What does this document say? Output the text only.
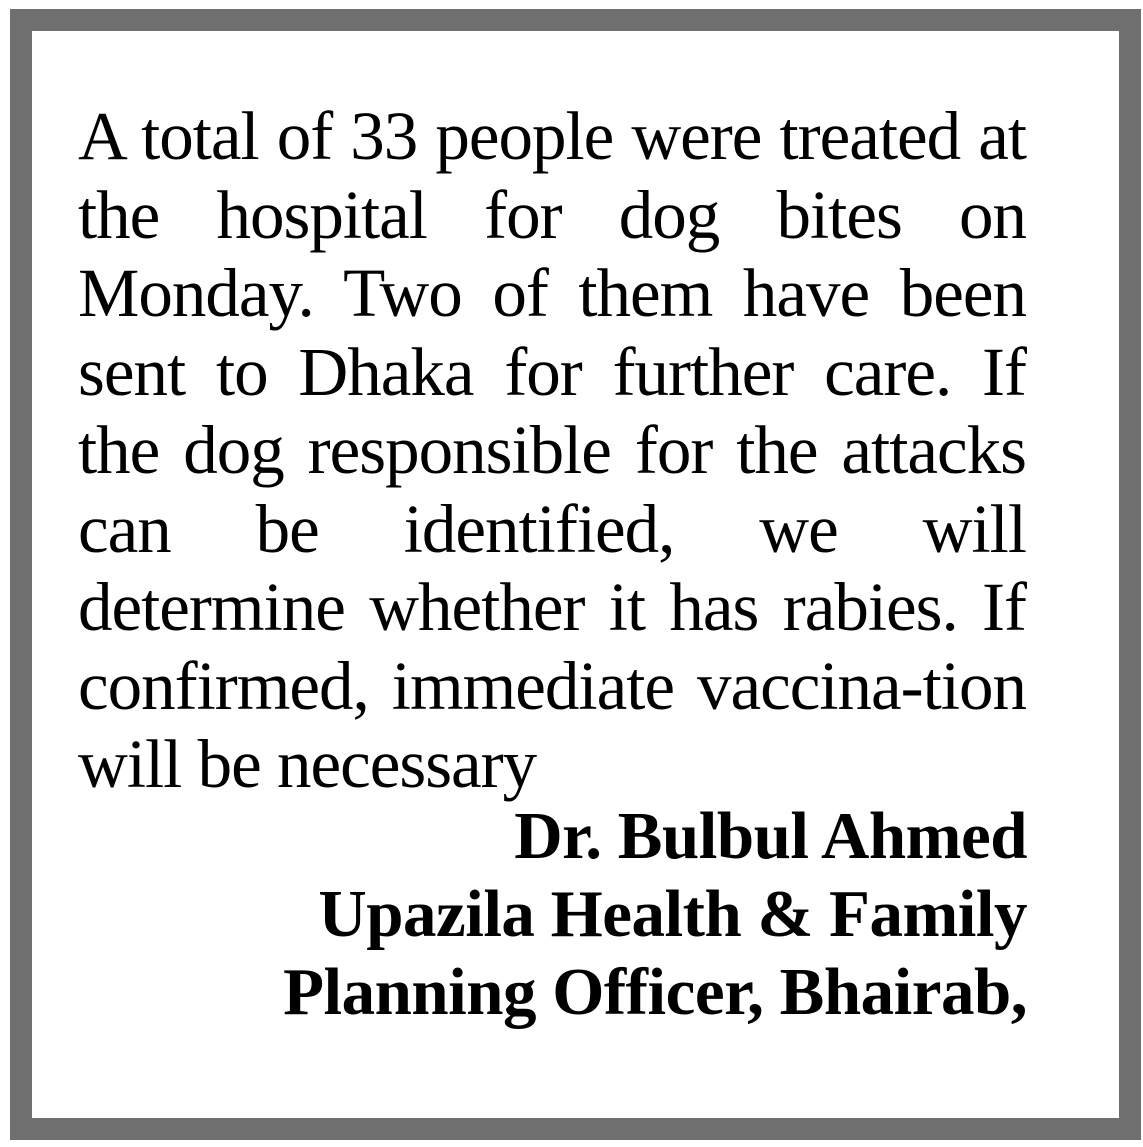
A total of 33 people were treated at the hospital for dog bites on Monday. Two of them have been sent to Dhaka for further care. If the dog responsible for the attacks can be identified, we will determine whether it has rabies. If confirmed, immediate vaccina-tion will be necessary

Dr. Bulbul Ahmed
Upazila Health & Family
Planning Officer, Bhairab,
